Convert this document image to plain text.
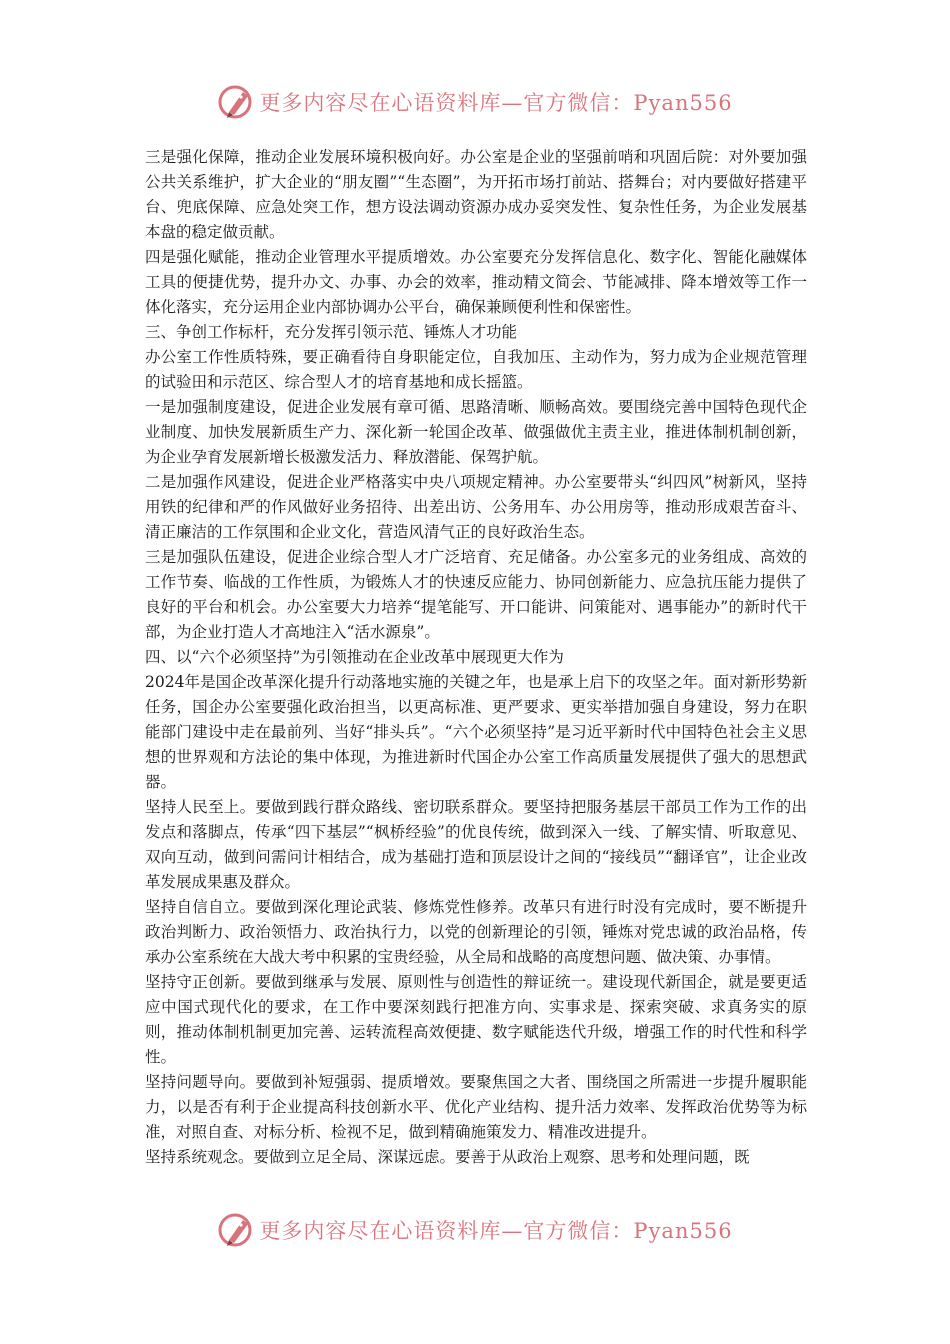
更多内容尽在心语资料库—官方微信：Pyan556

三是强化保障，推动企业发展环境积极向好。办公室是企业的坚强前哨和巩固后院：对外要加强公共关系维护，扩大企业的“朋友圈”“生态圈”，为开拓市场打前站、搭舞台；对内要做好搭建平台、兜底保障、应急处突工作，想方设法调动资源办成办妥突发性、复杂性任务，为企业发展基本盘的稳定做贡献。

四是强化赋能，推动企业管理水平提质增效。办公室要充分发挥信息化、数字化、智能化融媒体工具的便捷优势，提升办文、办事、办会的效率，推动精文简会、节能减排、降本增效等工作一体化落实，充分运用企业内部协调办公平台，确保兼顾便利性和保密性。

三、争创工作标杆，充分发挥引领示范、锤炼人才功能

办公室工作性质特殊，要正确看待自身职能定位，自我加压、主动作为，努力成为企业规范管理的试验田和示范区、综合型人才的培育基地和成长摇篮。

一是加强制度建设，促进企业发展有章可循、思路清晰、顺畅高效。要围绕完善中国特色现代企业制度、加快发展新质生产力、深化新一轮国企改革、做强做优主责主业，推进体制机制创新，为企业孕育发展新增长极激发活力、释放潜能、保驾护航。

二是加强作风建设，促进企业严格落实中央八项规定精神。办公室要带头“纠四风”树新风，坚持用铁的纪律和严的作风做好业务招待、出差出访、公务用车、办公用房等，推动形成艰苦奋斗、清正廉洁的工作氛围和企业文化，营造风清气正的良好政治生态。

三是加强队伍建设，促进企业综合型人才广泛培育、充足储备。办公室多元的业务组成、高效的工作节奏、临战的工作性质，为锻炼人才的快速反应能力、协同创新能力、应急抗压能力提供了良好的平台和机会。办公室要大力培养“提笔能写、开口能讲、问策能对、遇事能办”的新时代干部，为企业打造人才高地注入“活水源泉”。

四、以“六个必须坚持”为引领推动在企业改革中展现更大作为

2024年是国企改革深化提升行动落地实施的关键之年，也是承上启下的攻坚之年。面对新形势新任务，国企办公室要强化政治担当，以更高标准、更严要求、更实举措加强自身建设，努力在职能部门建设中走在最前列、当好“排头兵”。“六个必须坚持”是习近平新时代中国特色社会主义思想的世界观和方法论的集中体现，为推进新时代国企办公室工作高质量发展提供了强大的思想武器。

坚持人民至上。要做到践行群众路线、密切联系群众。要坚持把服务基层干部员工作为工作的出发点和落脚点，传承“四下基层”“枫桥经验”的优良传统，做到深入一线、了解实情、听取意见、双向互动，做到问需问计相结合，成为基础打造和顶层设计之间的“接线员”“翻译官”，让企业改革发展成果惠及群众。

坚持自信自立。要做到深化理论武装、修炼党性修养。改革只有进行时没有完成时，要不断提升政治判断力、政治领悟力、政治执行力，以党的创新理论的引领，锤炼对党忠诚的政治品格，传承办公室系统在大战大考中积累的宝贵经验，从全局和战略的高度想问题、做决策、办事情。

坚持守正创新。要做到继承与发展、原则性与创造性的辩证统一。建设现代新国企，就是要更适应中国式现代化的要求，在工作中要深刻践行把准方向、实事求是、探索突破、求真务实的原则，推动体制机制更加完善、运转流程高效便捷、数字赋能迭代升级，增强工作的时代性和科学性。

坚持问题导向。要做到补短强弱、提质增效。要聚焦国之大者、围绕国之所需进一步提升履职能力，以是否有利于企业提高科技创新水平、优化产业结构、提升活力效率、发挥政治优势等为标准，对照自查、对标分析、检视不足，做到精确施策发力、精准改进提升。

坚持系统观念。要做到立足全局、深谋远虑。要善于从政治上观察、思考和处理问题，既

更多内容尽在心语资料库—官方微信：Pyan556
